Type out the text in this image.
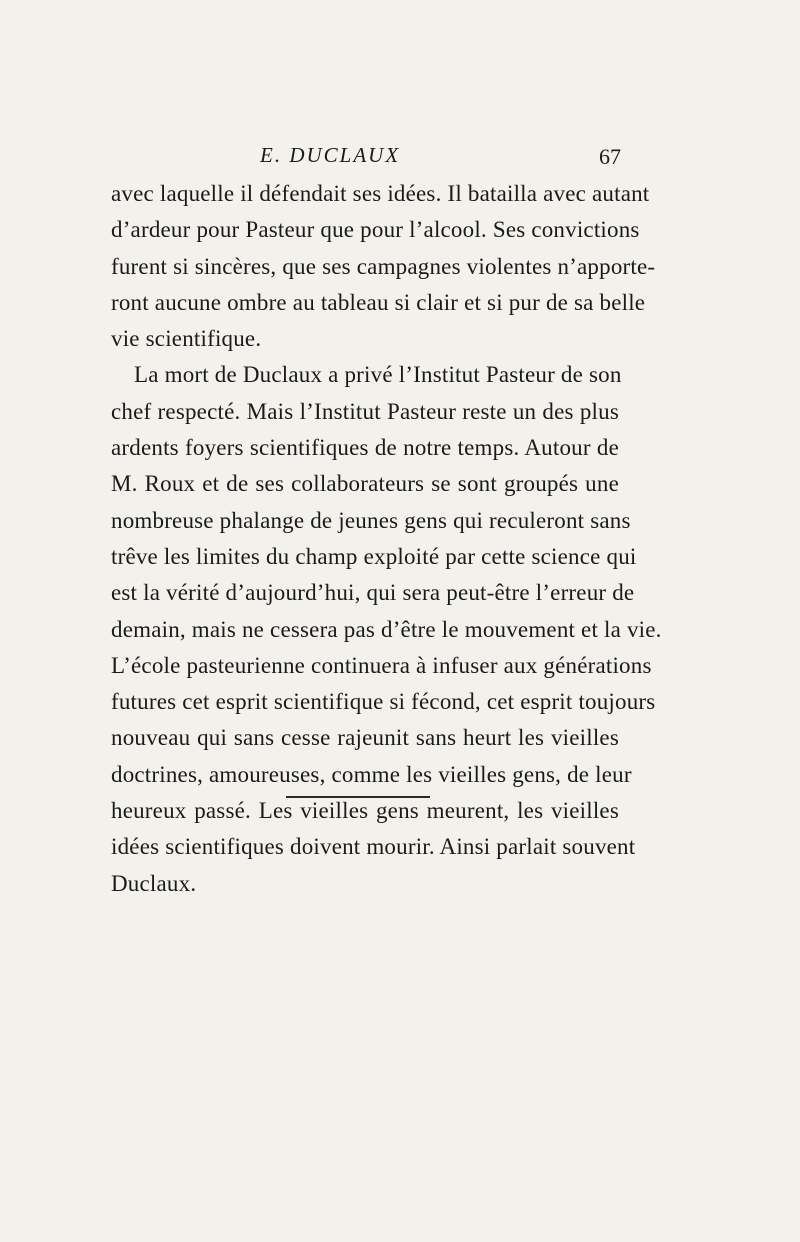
E. DUCLAUX	67
avec laquelle il défendait ses idées. Il batailla avec autant
d’ardeur pour Pasteur que pour l’alcool. Ses convictions
furent si sincères, que ses campagnes violentes n’apporte-
ront aucune ombre au tableau si clair et si pur de sa belle
vie scientifique.
La mort de Duclaux a privé l’Institut Pasteur de son
chef respecté. Mais l’Institut Pasteur reste un des plus
ardents foyers scientifiques de notre temps. Autour de
M. Roux et de ses collaborateurs se sont groupés une
nombreuse phalange de jeunes gens qui reculeront sans
trêve les limites du champ exploité par cette science qui
est la vérité d’aujourd’hui, qui sera peut-être l’erreur de
demain, mais ne cessera pas d’être le mouvement et la vie.
L’école pasteurienne continuera à infuser aux générations
futures cet esprit scientifique si fécond, cet esprit toujours
nouveau qui sans cesse rajeunit sans heurt les vieilles
doctrines, amoureuses, comme les vieilles gens, de leur
heureux passé. Les vieilles gens meurent, les vieilles
idées scientifiques doivent mourir. Ainsi parlait souvent
Duclaux.
